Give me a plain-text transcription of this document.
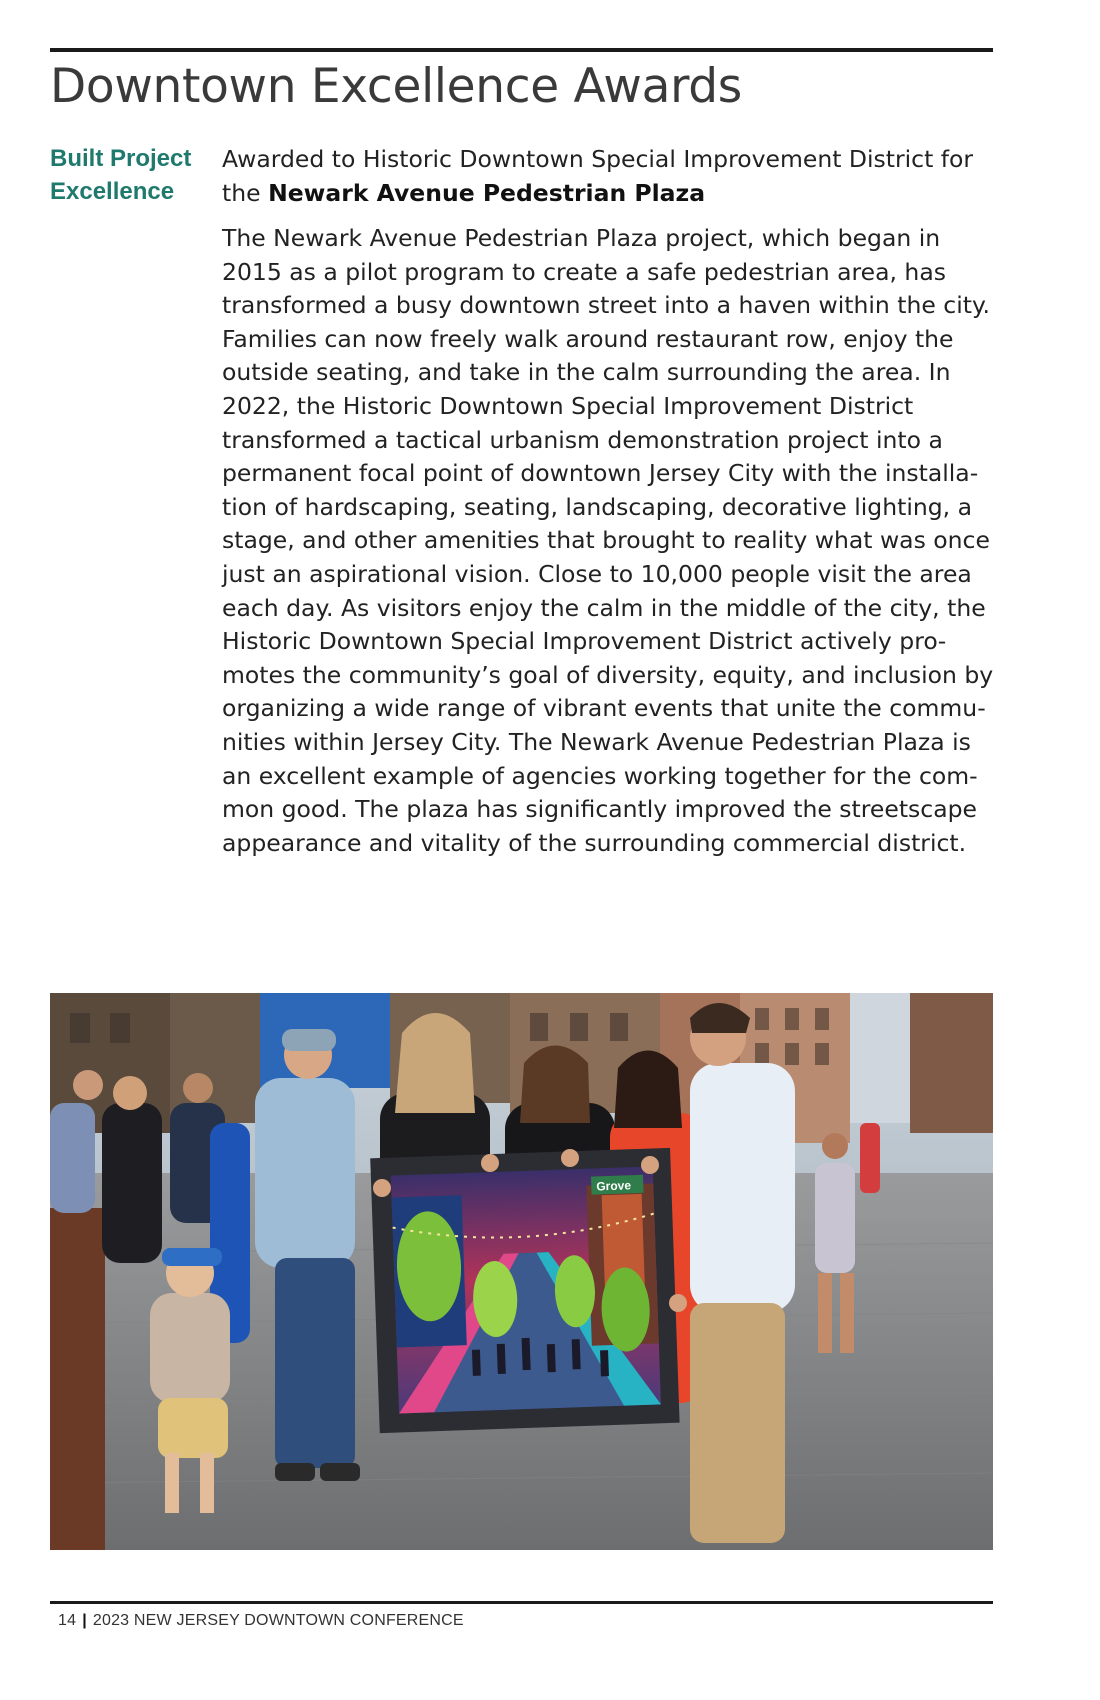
Downtown Excellence Awards
Built Project
Excellence

Awarded to Historic Downtown Special Improvement District for the Newark Avenue Pedestrian Plaza

The Newark Avenue Pedestrian Plaza project, which began in 2015 as a pilot program to create a safe pedestrian area, has transformed a busy downtown street into a haven within the city. Families can now freely walk around restaurant row, enjoy the outside seating, and take in the calm surrounding the area. In 2022, the Historic Downtown Special Improvement District transformed a tactical urbanism demonstration project into a permanent focal point of downtown Jersey City with the installation of hardscaping, seating, landscaping, decorative lighting, a stage, and other amenities that brought to reality what was once just an aspirational vision. Close to 10,000 people visit the area each day. As visitors enjoy the calm in the middle of the city, the Historic Downtown Special Improvement District actively promotes the community’s goal of diversity, equity, and inclusion by organizing a wide range of vibrant events that unite the communities within Jersey City. The Newark Avenue Pedestrian Plaza is an excellent example of agencies working together for the common good. The plaza has significantly improved the streetscape appearance and vitality of the surrounding commercial district.

Grove
14 | 2023 NEW JERSEY DOWNTOWN CONFERENCE
